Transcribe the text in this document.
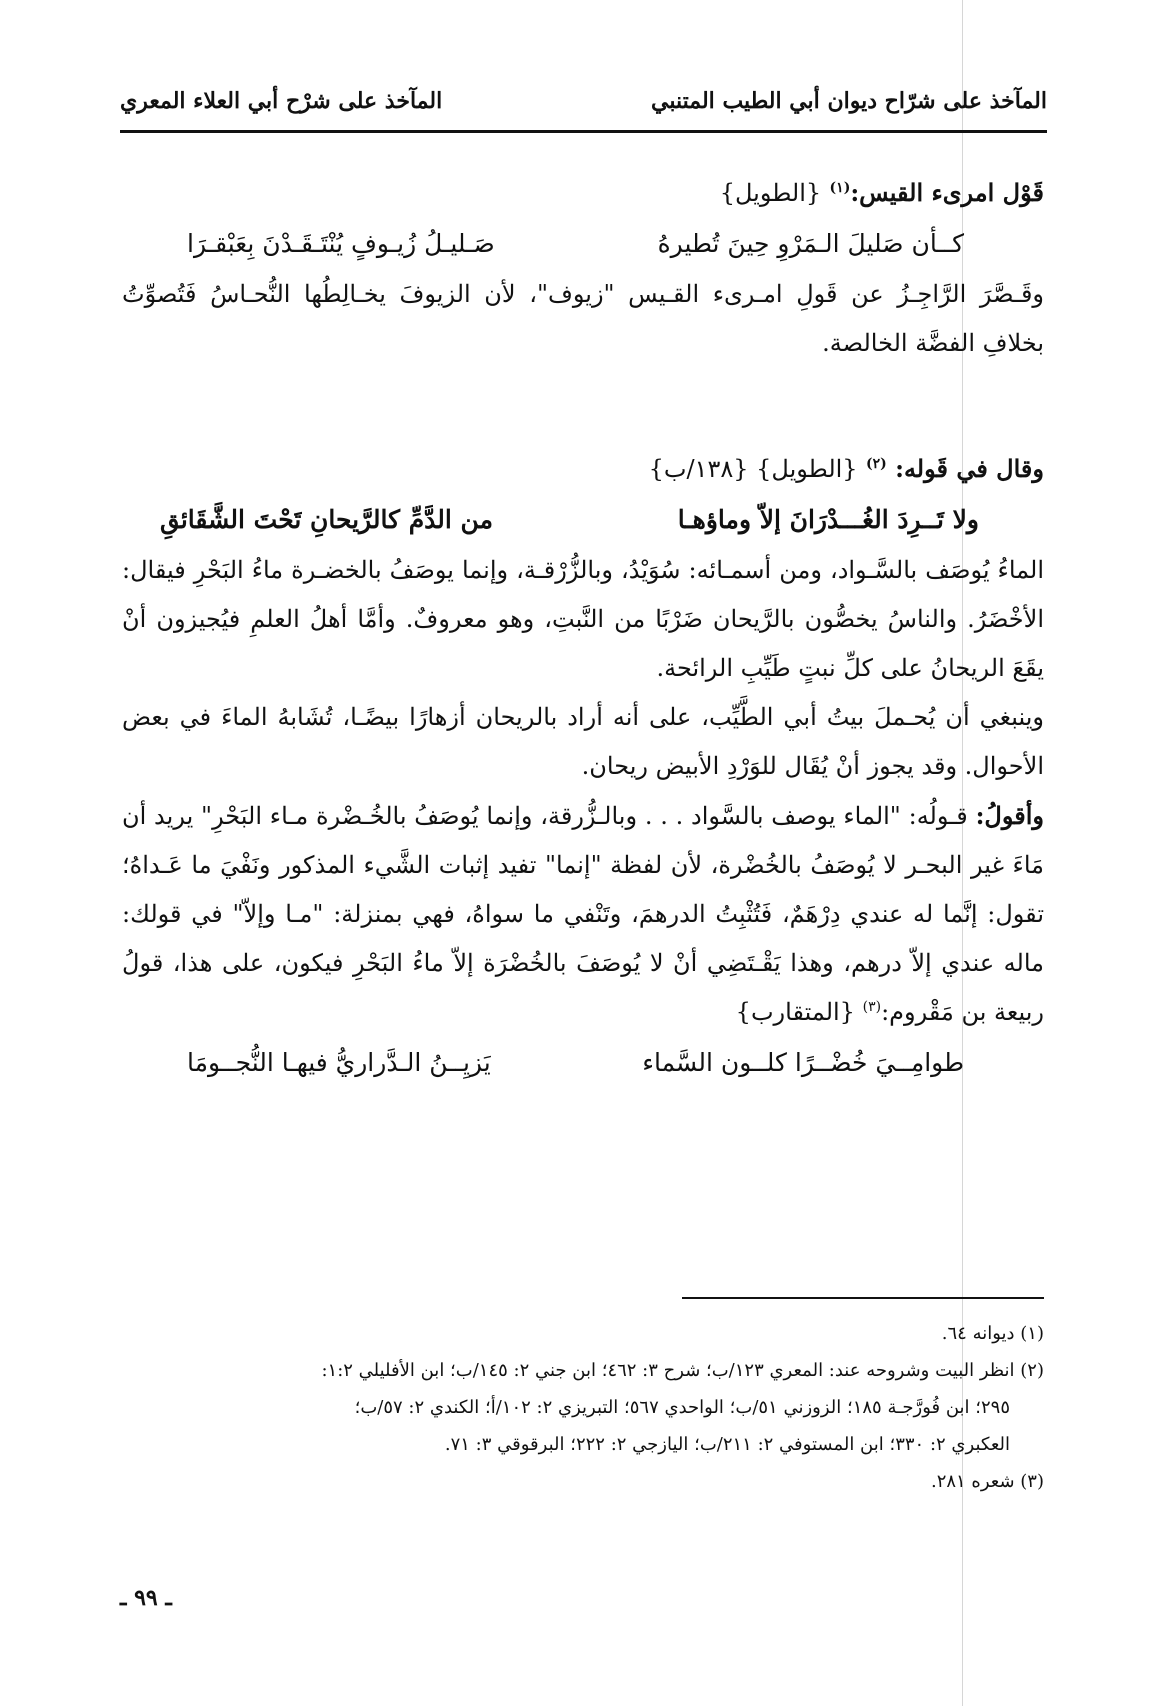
المآخذ على شرّاح ديوان أبي الطيب المتنبي
المآخذ على شرْح أبي العلاء المعري
قَوْل امرىء القيس:$^{(١)}$ {الطويل}
كــأن صَليلَ الـمَرْوِ حِينَ تُطيرهُ
صَـليـلُ زُيـوفٍ يُنْتَـقَـدْنَ بِعَبْقـرَا

وقَـصَّرَ الرَّاجِـزُ عن قَولِ امـرىء القـيس "زيوف"، لأن الزيوفَ يخـالِطُها النُّحـاسُ فَتُصوِّتُ بخلافِ الفضَّة الخالصة.

وقال في قَوله: $^{(٢)}$ {الطويل} {١٣٨/ب}
ولا تَــرِدَ الغُـــدْرَانَ إلاّ وماؤهـا
من الدَّمِّ كالرَّيحانِ تَحْتَ الشَّقَائقِ

الماءُ يُوصَف بالسَّـواد، ومن أسمـائه: سُوَيْدُ، وبالزُّرْقـة، وإنما يوصَفُ بالخضـرة ماءُ البَحْرِ فيقال: الأخْضَرُ. والناسُ يخصُّون بالرَّيحان ضَرْبًا من النَّبتِ، وهو معروفٌ. وأمَّا أهلُ العلمِ فيُجيزون أنْ يقَعَ الريحانُ على كلِّ نبتٍ طَيِّبِ الرائحة.

وينبغي أن يُحـملَ بيتُ أبي الطَّيِّب، على أنه أراد بالريحان أزهارًا بيضًـا، تُشَابهُ الماءَ في بعض الأحوال. وقد يجوز أنْ يُقَال للوَرْدِ الأبيض ريحان.

وأقولُ: قـولُه: "الماء يوصف بالسَّواد . . . وبالـزُّرقة، وإنما يُوصَفُ بالخُـضْرة مـاء البَحْرِ" يريد أن مَاءَ غير البحـر لا يُوصَفُ بالخُضْرة، لأن لفظة "إنما" تفيد إثبات الشَّيء المذكور ونَفْيَ ما عَـداهُ؛ تقول: إنَّما له عندي دِرْهَمٌ، فَتُثْبِتُ الدرهمَ، وتَنْفي ما سواهُ، فهي بمنزلة: "مـا وإلاّ" في قولك: ماله عندي إلاّ درهم، وهذا يَقْـتَضِي أنْ لا يُوصَفَ بالخُضْرَة إلاّ ماءُ البَحْرِ فيكون، على هذا، قولُ ربيعة بن مَقْروم:$^{(٣)}$ {المتقارب}

طوامِــيَ خُضْــرًا كلــون السَّماء
يَزيِــنُ الـدَّراريُّ فيهـا النُّجــومَا
(١) ديوانه ٦٤.
(٢) انظر البيت وشروحه عند: المعري ١٢٣/ب؛ شرح ٣: ٤٦٢؛ ابن جني ٢: ١٤٥/ب؛ ابن الأفليلي ١:٢:
٢٩٥؛ ابن فُورَّجـة ١٨٥؛ الزوزني ٥١/ب؛ الواحدي ٥٦٧؛ التبريزي ٢: ١٠٢/أ؛ الكندي ٢: ٥٧/ب؛
العكبري ٢: ٣٣٠؛ ابن المستوفي ٢: ٢١١/ب؛ اليازجي ٢: ٢٢٢؛ البرقوقي ٣: ٧١.
(٣) شعره ٢٨١.
ـ ٩٩ ـ
